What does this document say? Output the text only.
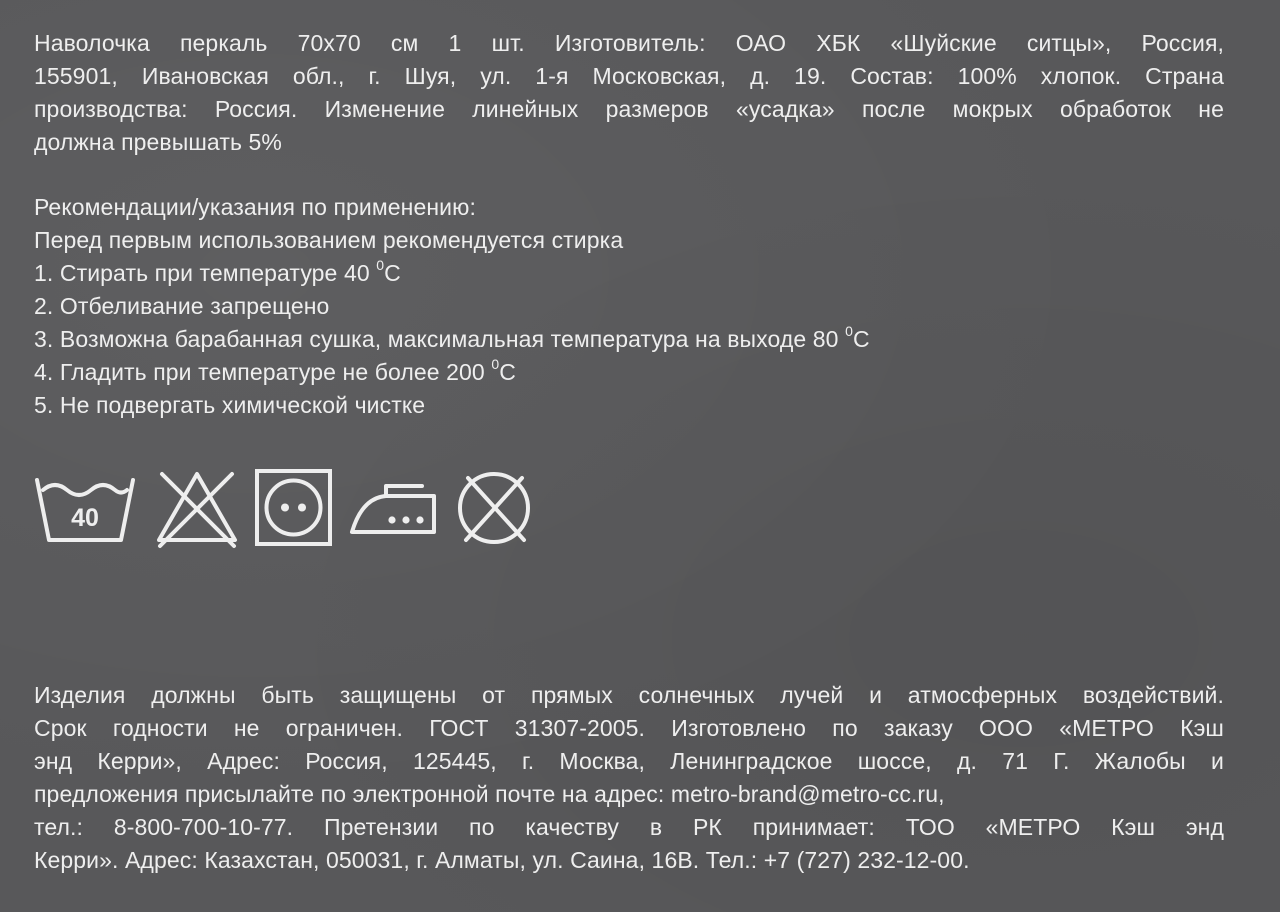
Наволочка перкаль 70х70 см 1 шт. Изготовитель: ОАО ХБК «Шуйские ситцы», Россия,
155901, Ивановская обл., г. Шуя, ул. 1-я Московская, д. 19. Состав: 100% хлопок. Страна
производства: Россия. Изменение линейных размеров «усадка» после мокрых обработок не
должна превышать 5%
Рекомендации/указания по применению:
Перед первым использованием рекомендуется стирка
1. Стирать при температуре 40 $^0$С
2. Отбеливание запрещено
3. Возможна барабанная сушка, максимальная температура на выходе 80 $^0$С
4. Гладить при температуре не более 200 $^0$С
5. Не подвергать химической чистке
40
Изделия должны быть защищены от прямых солнечных лучей и атмосферных воздействий.
Срок годности не ограничен. ГОСТ 31307-2005. Изготовлено по заказу ООО «МЕТРО Кэш
энд Керри», Адрес: Россия, 125445, г. Москва, Ленинградское шоссе, д. 71 Г. Жалобы и
предложения присылайте по электронной почте на адрес: metro-brand@metro-cc.ru,
тел.: 8-800-700-10-77. Претензии по качеству в РК принимает: ТОО «МЕТРО Кэш энд
Керри». Адрес: Казахстан, 050031, г. Алматы, ул. Саина, 16В. Тел.: +7 (727) 232-12-00.
